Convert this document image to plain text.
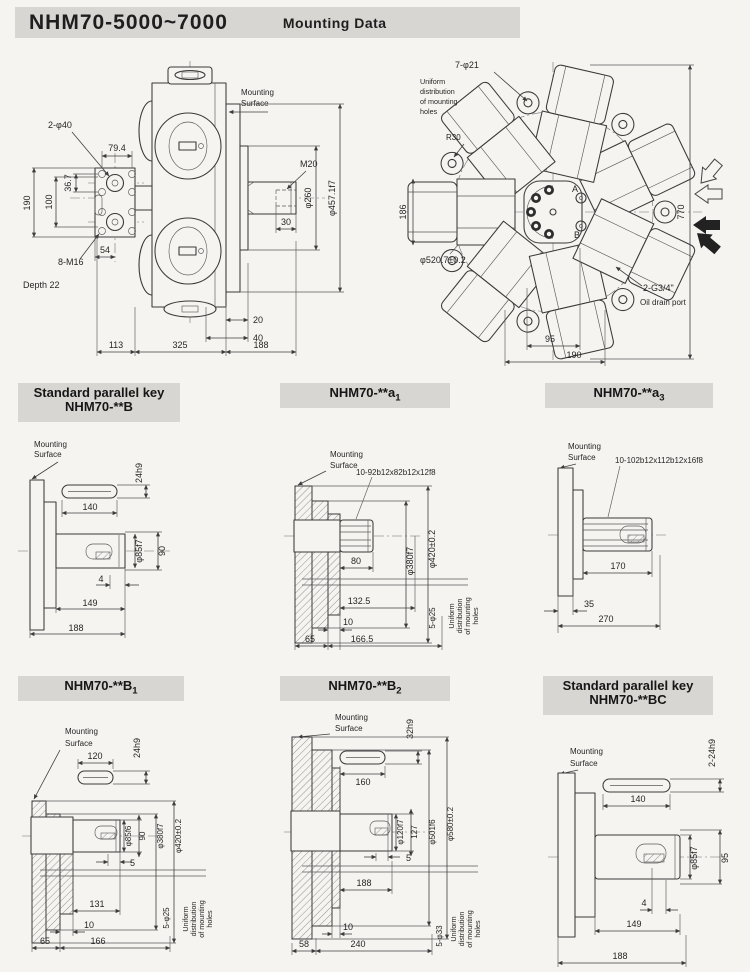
NHM70-5000~7000	Mounting Data
2-φ40
79.4
190 100
36.7
8-M16
Depth 22
54
Mounting
Surface
M20
φ260 φ457.1f7
30
20
40
113	325	188
A
B
7-φ21
Uniform
distribution
of mounting
holes
R30
186	770
φ520.7±0.2
2-G3/4"
Oil drain port
95
190
Standard parallel key
NHM70-**B
Mounting
Surface
140
24h9
φ85f7 90
4
149
188
$NHM70-**a_1$
Mounting
Surface
10-92b12x82b12x12f8
80	φ380f7 φ420±0.2
132.5
10
65	166.5
5-φ25 Uniform distribution of mounting holes
$NHM70-**a_3$
Mounting
Surface 10-102b12x112b12x16f8
170
35
270
$NHM70-**B_1$
Mounting
Surface
120	24h9
φ85f6 90 φ380f7 φ420±0.2
5
131
10
65	166
5-φ25 Uniform distribution of mounting holes
$NHM70-**B_2$
Mounting
Surface
160
32h9
φ120f7 127 φ501f6 φ580±0.2
5
188
10
58	240	5-φ33 Uniform distribution of mounting holes
Standard parallel key
NHM70-**BC
Mounting
Surface	2-24h9
140
φ85f7 95
4
149
188
